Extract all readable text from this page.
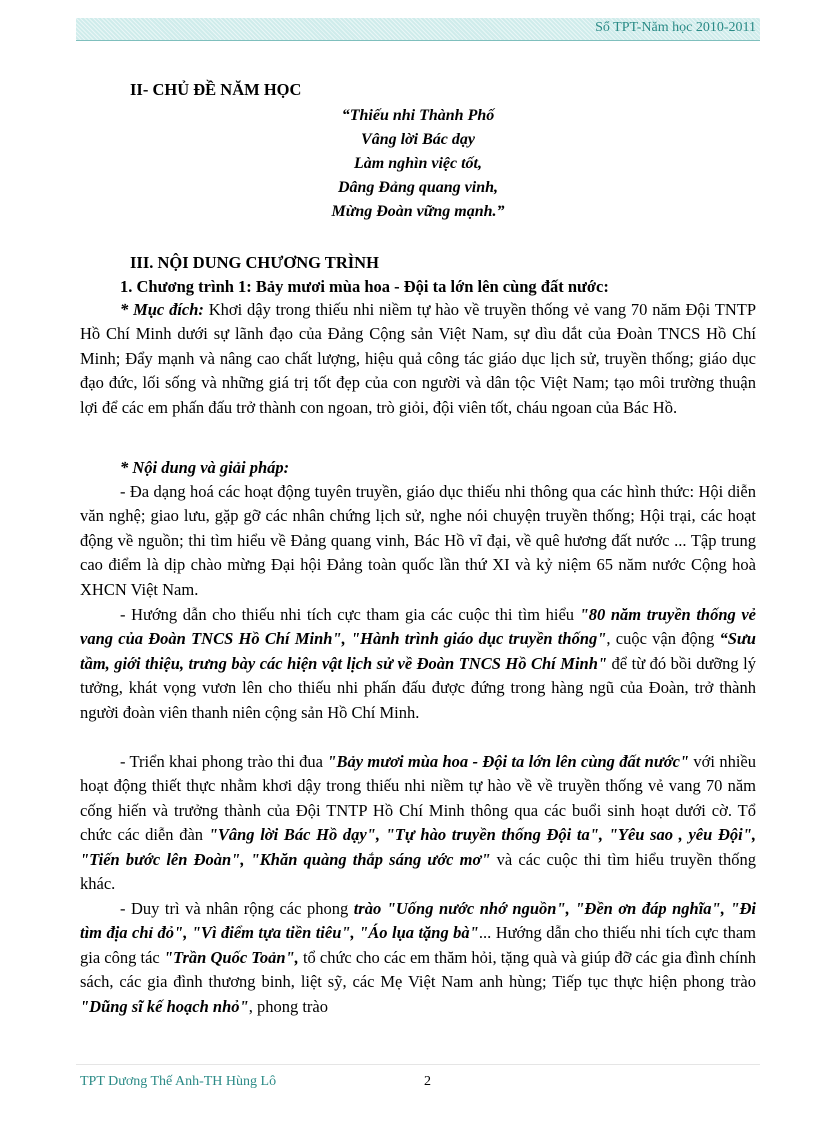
Sổ TPT-Năm học 2010-2011
II- CHỦ ĐỀ NĂM HỌC
“Thiếu nhi Thành Phố
Vâng lời Bác dạy
Làm nghìn việc tốt,
Dâng Đảng quang vinh,
Mừng Đoàn vững mạnh.”
III. NỘI DUNG CHƯƠNG TRÌNH
1. Chương trình 1: Bảy mươi mùa hoa - Đội ta lớn lên cùng đất nước:
* Mục đích: Khơi dậy trong thiếu nhi niềm tự hào về truyền thống vẻ vang 70 năm Đội TNTP Hồ Chí Minh dưới sự lãnh đạo của Đảng Cộng sản Việt Nam, sự dìu dắt của Đoàn TNCS Hồ Chí Minh; Đẩy mạnh và nâng cao chất lượng, hiệu quả công tác giáo dục lịch sử, truyền thống; giáo dục đạo đức, lối sống và những giá trị tốt đẹp của con người và dân tộc Việt Nam; tạo môi trường thuận lợi để các em phấn đấu trở thành con ngoan, trò giỏi, đội viên tốt, cháu ngoan của Bác Hồ.
* Nội dung và giải pháp:
- Đa dạng hoá các hoạt động tuyên truyền, giáo dục thiếu nhi thông qua các hình thức: Hội diễn văn nghệ; giao lưu, gặp gỡ các nhân chứng lịch sử, nghe nói chuyện truyền thống; Hội trại, các hoạt động về nguồn; thi tìm hiểu về Đảng quang vinh, Bác Hồ vĩ đại, về quê hương đất nước ... Tập trung cao điểm là dịp chào mừng Đại hội Đảng toàn quốc lần thứ XI và kỷ niệm 65 năm nước Cộng hoà XHCN Việt Nam.
- Hướng dẫn cho thiếu nhi tích cực tham gia các cuộc thi tìm hiểu "80 năm truyền thống vẻ vang của Đoàn TNCS Hồ Chí Minh", "Hành trình giáo dục truyền thống", cuộc vận động “Sưu tầm, giới thiệu, trưng bày các hiện vật lịch sử về Đoàn TNCS Hồ Chí Minh" để từ đó bồi dưỡng lý tưởng, khát vọng vươn lên cho thiếu nhi phấn đấu được đứng trong hàng ngũ của Đoàn, trở thành người đoàn viên thanh niên cộng sản Hồ Chí Minh.
- Triển khai phong trào thi đua "Bảy mươi mùa hoa - Đội ta lớn lên cùng đất nước" với nhiều hoạt động thiết thực nhằm khơi dậy trong thiếu nhi niềm tự hào về về truyền thống vẻ vang 70 năm cống hiến và trưởng thành của Đội TNTP Hồ Chí Minh thông qua các buổi sinh hoạt dưới cờ. Tổ chức các diễn đàn "Vâng lời Bác Hồ dạy", "Tự hào truyền thống Đội ta", "Yêu sao , yêu Đội", "Tiến bước lên Đoàn", "Khăn quàng thắp sáng ước mơ" và các cuộc thi tìm hiểu truyền thống khác.
- Duy trì và nhân rộng các phong trào "Uống nước nhớ nguồn", "Đền ơn đáp nghĩa", "Đi tìm địa chỉ đỏ", "Vì điểm tựa tiền tiêu", "Áo lụa tặng bà"... Hướng dẫn cho thiếu nhi tích cực tham gia công tác "Trần Quốc Toản", tổ chức cho các em thăm hỏi, tặng quà và giúp đỡ các gia đình chính sách, các gia đình thương binh, liệt sỹ, các Mẹ Việt Nam anh hùng; Tiếp tục thực hiện phong trào "Dũng sĩ kế hoạch nhỏ", phong trào
TPT Dương Thế Anh-TH Hùng Lô	2
